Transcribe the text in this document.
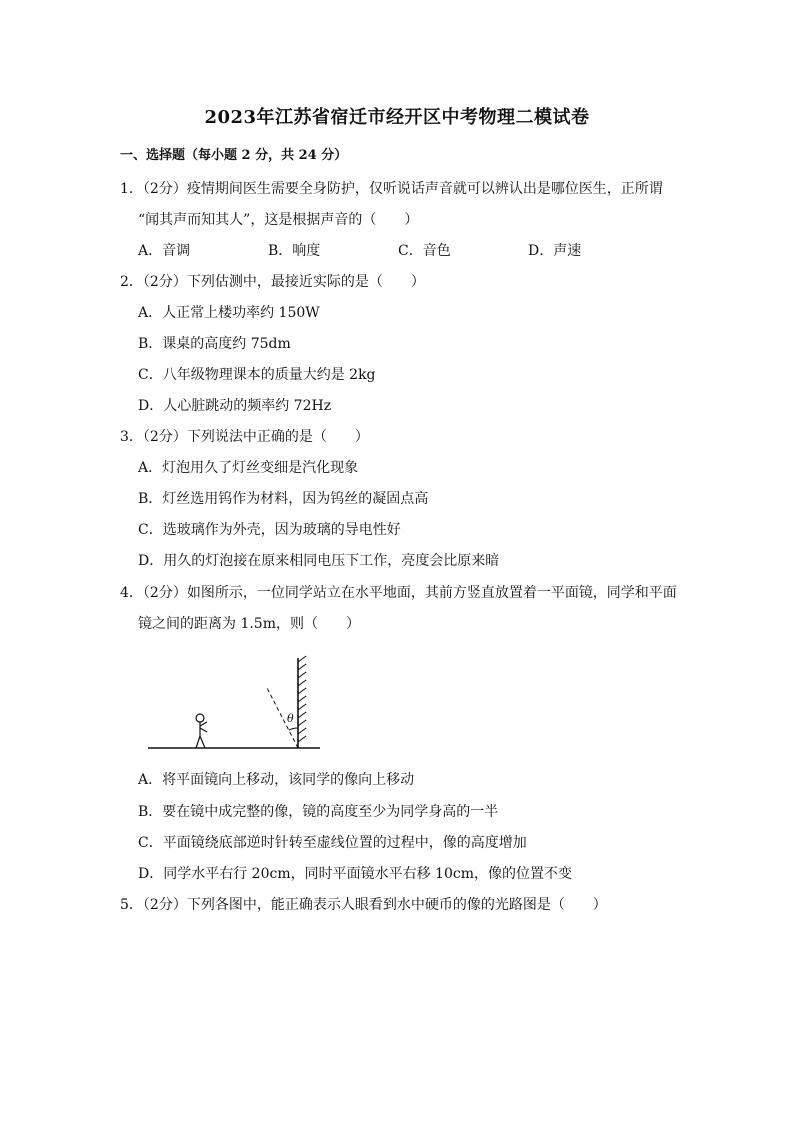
2023年江苏省宿迁市经开区中考物理二模试卷
一、选择题（每小题 2 分，共 24 分）
1．（2分）疫情期间医生需要全身防护，仅听说话声音就可以辨认出是哪位医生，正所谓
“闻其声而知其人”，这是根据声音的（　　）
A．音调	B．响度	C．音色	D．声速
2．（2分）下列估测中，最接近实际的是（　　）
A．人正常上楼功率约 150W
B．课桌的高度约 75dm
C．八年级物理课本的质量大约是 2kg
D．人心脏跳动的频率约 72Hz
3．（2分）下列说法中正确的是（　　）
A．灯泡用久了灯丝变细是汽化现象
B．灯丝选用钨作为材料，因为钨丝的凝固点高
C．选玻璃作为外壳，因为玻璃的导电性好
D．用久的灯泡接在原来相同电压下工作，亮度会比原来暗
4．（2分）如图所示，一位同学站立在水平地面，其前方竖直放置着一平面镜，同学和平面
镜之间的距离为 1.5m，则（　　）
θ
A．将平面镜向上移动，该同学的像向上移动
B．要在镜中成完整的像，镜的高度至少为同学身高的一半
C．平面镜绕底部逆时针转至虚线位置的过程中，像的高度增加
D．同学水平右行 20cm，同时平面镜水平右移 10cm，像的位置不变
5．（2分）下列各图中，能正确表示人眼看到水中硬币的像的光路图是（　　）
